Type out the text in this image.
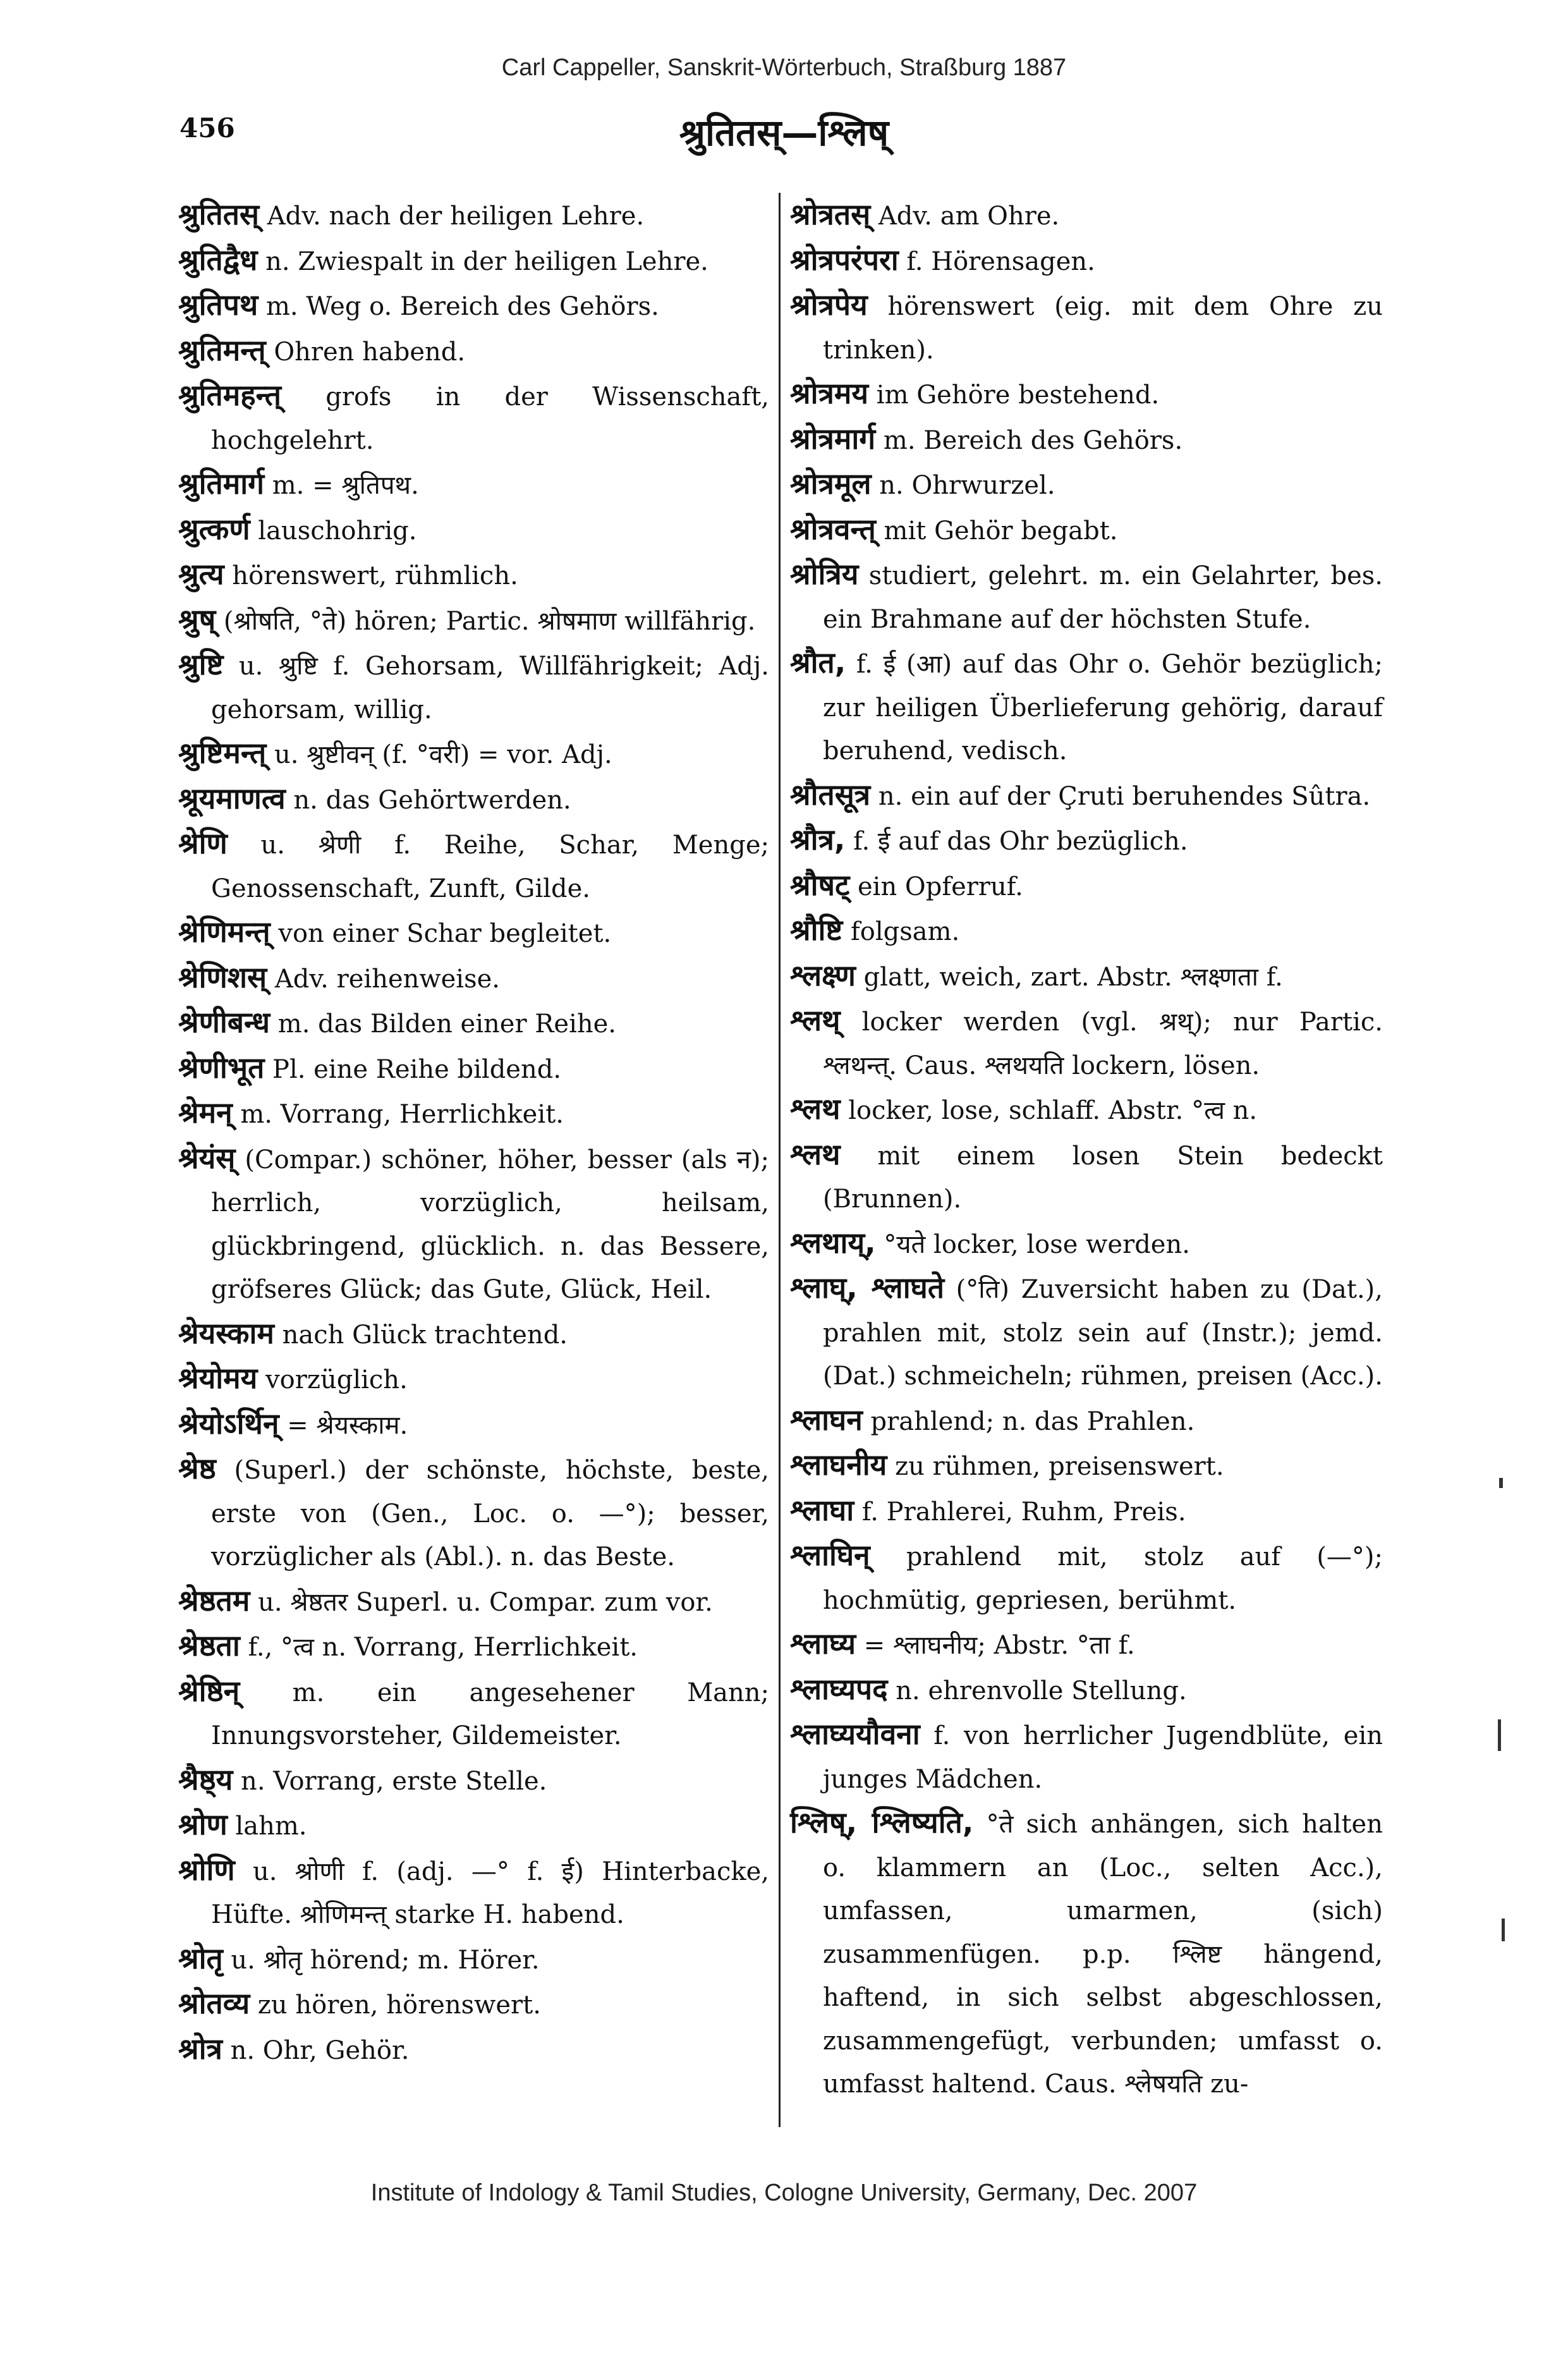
Carl Cappeller, Sanskrit-Wörterbuch, Straßburg 1887
456	श्रुतितस्—श्लिष्

श्रुतितस् Adv. nach der heiligen Lehre.

श्रुतिद्वैध n. Zwiespalt in der heiligen Lehre.

श्रुतिपथ m. Weg o. Bereich des Gehörs.

श्रुतिमन्त् Ohren habend.

श्रुतिमहन्त् grofs in der Wissenschaft, hochgelehrt.

श्रुतिमार्ग m. = श्रुतिपथ.

श्रुत्कर्ण lauschohrig.

श्रुत्य hörenswert, rühmlich.

श्रुष् (श्रोषति, °ते) hören; Partic. श्रोषमाण willfährig.

श्रुष्टि u. श्रुष्टि f. Gehorsam, Willfährigkeit; Adj. gehorsam, willig.

श्रुष्टिमन्त् u. श्रुष्टीवन् (f. °वरी) = vor. Adj.

श्रूयमाणत्व n. das Gehörtwerden.

श्रेणि u. श्रेणी f. Reihe, Schar, Menge; Genossenschaft, Zunft, Gilde.

श्रेणिमन्त् von einer Schar begleitet.

श्रेणिशस् Adv. reihenweise.

श्रेणीबन्ध m. das Bilden einer Reihe.

श्रेणीभूत Pl. eine Reihe bildend.

श्रेमन् m. Vorrang, Herrlichkeit.

श्रेयंस् (Compar.) schöner, höher, besser (als न); herrlich, vorzüglich, heilsam, glückbringend, glücklich. n. das Bessere, gröfseres Glück; das Gute, Glück, Heil.

श्रेयस्काम nach Glück trachtend.

श्रेयोमय vorzüglich.

श्रेयोऽर्थिन् = श्रेयस्काम.

श्रेष्ठ (Superl.) der schönste, höchste, beste, erste von (Gen., Loc. o. —°); besser, vorzüglicher als (Abl.). n. das Beste.

श्रेष्ठतम u. श्रेष्ठतर Superl. u. Compar. zum vor.

श्रेष्ठता f., °त्व n. Vorrang, Herrlichkeit.

श्रेष्ठिन् m. ein angesehener Mann; Innungsvorsteher, Gildemeister.

श्रैष्ठ्य n. Vorrang, erste Stelle.

श्रोण lahm.

श्रोणि u. श्रोणी f. (adj. —° f. ई) Hinterbacke, Hüfte. श्रोणिमन्त् starke H. habend.

श्रोतृ u. श्रोतृ hörend; m. Hörer.

श्रोतव्य zu hören, hörenswert.

श्रोत्र n. Ohr, Gehör.

श्रोत्रतस् Adv. am Ohre.

श्रोत्रपरंपरा f. Hörensagen.

श्रोत्रपेय hörenswert (eig. mit dem Ohre zu trinken).

श्रोत्रमय im Gehöre bestehend.

श्रोत्रमार्ग m. Bereich des Gehörs.

श्रोत्रमूल n. Ohrwurzel.

श्रोत्रवन्त् mit Gehör begabt.

श्रोत्रिय studiert, gelehrt. m. ein Gelahrter, bes. ein Brahmane auf der höchsten Stufe.

श्रौत, f. ई (आ) auf das Ohr o. Gehör bezüglich; zur heiligen Überlieferung gehörig, darauf beruhend, vedisch.

श्रौतसूत्र n. ein auf der Çruti beruhendes Sûtra.

श्रौत्र, f. ई auf das Ohr bezüglich.

श्रौषट् ein Opferruf.

श्रौष्टि folgsam.

श्लक्ष्ण glatt, weich, zart. Abstr. श्लक्ष्णता f.

श्लथ् locker werden (vgl. श्रथ्); nur Partic. श्लथन्त्. Caus. श्लथयति lockern, lösen.

श्लथ locker, lose, schlaff. Abstr. °त्व n.

श्लथ mit einem losen Stein bedeckt (Brunnen).

श्लथाय्, °यते locker, lose werden.

श्लाघ्, श्लाघते (°ति) Zuversicht haben zu (Dat.), prahlen mit, stolz sein auf (Instr.); jemd. (Dat.) schmeicheln; rühmen, preisen (Acc.).

श्लाघन prahlend; n. das Prahlen.

श्लाघनीय zu rühmen, preisenswert.

श्लाघा f. Prahlerei, Ruhm, Preis.

श्लाघिन् prahlend mit, stolz auf (—°); hochmütig, gepriesen, berühmt.

श्लाघ्य = श्लाघनीय; Abstr. °ता f.

श्लाघ्यपद n. ehrenvolle Stellung.

श्लाघ्ययौवना f. von herrlicher Jugendblüte, ein junges Mädchen.

श्लिष्, श्लिष्यति, °ते sich anhängen, sich halten o. klammern an (Loc., selten Acc.), umfassen, umarmen, (sich) zusammenfügen. p.p. श्लिष्ट hängend, haftend, in sich selbst abgeschlossen, zusammengefügt, verbunden; umfasst o. umfasst haltend. Caus. श्लेषयति zu-

Institute of Indology & Tamil Studies, Cologne University, Germany, Dec. 2007
